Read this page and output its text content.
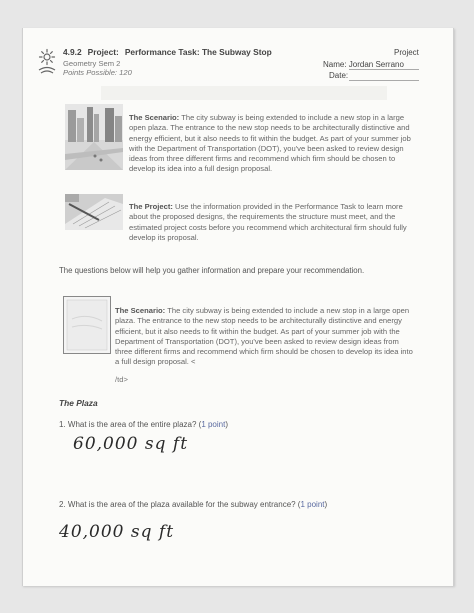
4.9.2 Project: Performance Task: The Subway Stop
Geometry Sem 2
Points Possible: 120
Project
Name: Jordan Serrano
Date:
The Scenario: The city subway is being extended to include a new stop in a large open plaza. The entrance to the new stop needs to be architecturally distinctive and energy efficient, but it also needs to fit within the budget. As part of your summer job with the Department of Transportation (DOT), you've been asked to review design ideas from three different firms and recommend which firm should be chosen to develop its idea into a full design proposal.
The Project: Use the information provided in the Performance Task to learn more about the proposed designs, the requirements the structure must meet, and the estimated project costs before you recommend which architectural firm should fully develop its proposal.
The questions below will help you gather information and prepare your recommendation.
The Scenario: The city subway is being extended to include a new stop in a large open plaza. The entrance to the new stop needs to be architecturally distinctive and energy efficient, but it also needs to fit within the budget. As part of your summer job with the Department of Transportation (DOT), you've been asked to review design ideas from three different firms and recommend which firm should be chosen to develop its idea into a full design proposal. <
/td>
The Plaza
1. What is the area of the entire plaza? (1 point)
60,000 sq ft
2. What is the area of the plaza available for the subway entrance? (1 point)
40,000 sq ft
